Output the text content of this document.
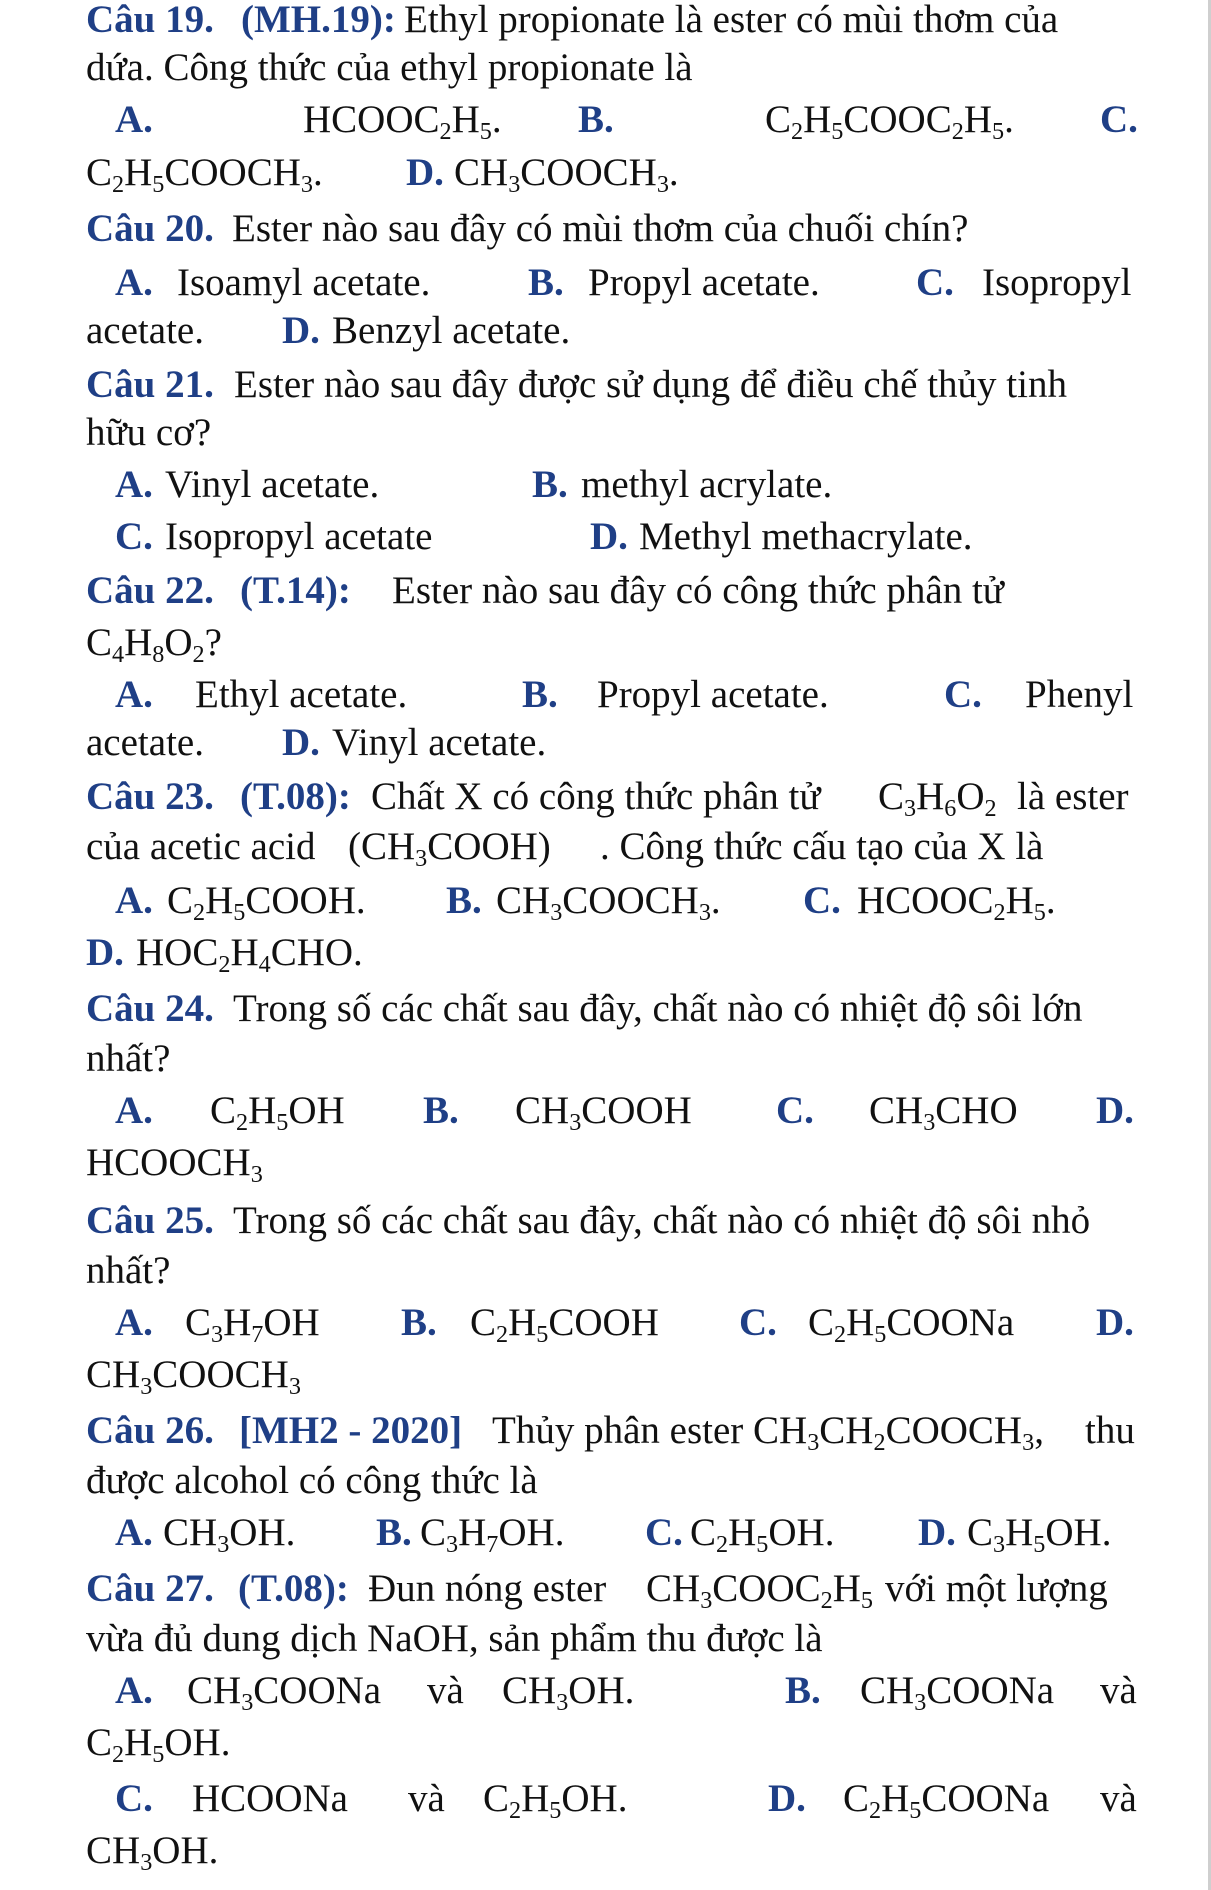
Câu 19. (MH.19): Ethyl propionate là ester có mùi thơm của
dứa. Công thức của ethyl propionate là
A.	$HCOOC_2H_5$. B.	$C_2H_5COOC_2H_5$. C.
$C_2H_5COOCH_3$. D. $CH_3COOCH_3$.
Câu 20. Ester nào sau đây có mùi thơm của chuối chín?
A. Isoamyl acetate.	B. Propyl acetate. C. Isopropyl
acetate. D. Benzyl acetate.
Câu 21. Ester nào sau đây được sử dụng để điều chế thủy tinh
hữu cơ?
A. Vinyl acetate.	B. methyl acrylate.
C. Isopropyl acetate	D. Methyl methacrylate.
Câu 22. (T.14): Ester nào sau đây có công thức phân tử
$C_4H_8O_2$?
A. Ethyl acetate.	B. Propyl acetate.	C. Phenyl
acetate. D. Vinyl acetate.
Câu 23. (T.08): Chất X có công thức phân tử $C_3H_6O_2$ là ester
của acetic acid $(CH_3COOH)$ . Công thức cấu tạo của X là
A. $C_2H_5COOH$. B. $CH_3COOCH_3$. C. $HCOOC_2H_5$.
D. $HOC_2H_4CHO$.
Câu 24. Trong số các chất sau đây, chất nào có nhiệt độ sôi lớn
nhất?
A. $C_2H_5OH$ B. $CH_3COOH$ C. $CH_3CHO$ D.
$HCOOCH_3$
Câu 25. Trong số các chất sau đây, chất nào có nhiệt độ sôi nhỏ
nhất?
A. $C_3H_7OH$ B. $C_2H_5COOH$ C. $C_2H_5COONa$ D.
$CH_3COOCH_3$
Câu 26. [MH2 - 2020] Thủy phân ester $CH_3CH_2COOCH_3$, thu
được alcohol có công thức là
A. $CH_3OH$. B. $C_3H_7OH$. C. $C_2H_5OH$. D. $C_3H_5OH$.
Câu 27. (T.08): Đun nóng ester $CH_3COOC_2H_5$ với một lượng
vừa đủ dung dịch NaOH, sản phẩm thu được là
A. $CH_3COONa$ và $CH_3OH$.	B. $CH_3COONa$ và
$C_2H_5OH$.
C. HCOONa và $C_2H_5OH$.	D. $C_2H_5COONa$ và
$CH_3OH$.
